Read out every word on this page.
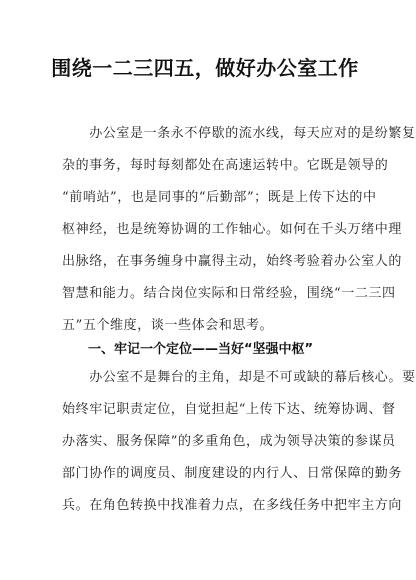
围绕一二三四五，做好办公室工作

　　办公室是一条永不停歇的流水线，每天应对的是纷繁复
杂的事务，每时每刻都处在高速运转中。它既是领导的
“前哨站”，也是同事的“后勤部”；既是上传下达的中
枢神经，也是统筹协调的工作轴心。如何在千头万绪中理
出脉络，在事务缠身中赢得主动，始终考验着办公室人的
智慧和能力。结合岗位实际和日常经验，围绕“一二三四
五”五个维度，谈一些体会和思考。

一、牢记一个定位——当好“坚强中枢”

　　办公室不是舞台的主角，却是不可或缺的幕后核心。要
始终牢记职责定位，自觉担起“上传下达、统筹协调、督
办落实、服务保障”的多重角色，成为领导决策的参谋员
部门协作的调度员、制度建设的内行人、日常保障的勤务
兵。在角色转换中找准着力点，在多线任务中把牢主方向
